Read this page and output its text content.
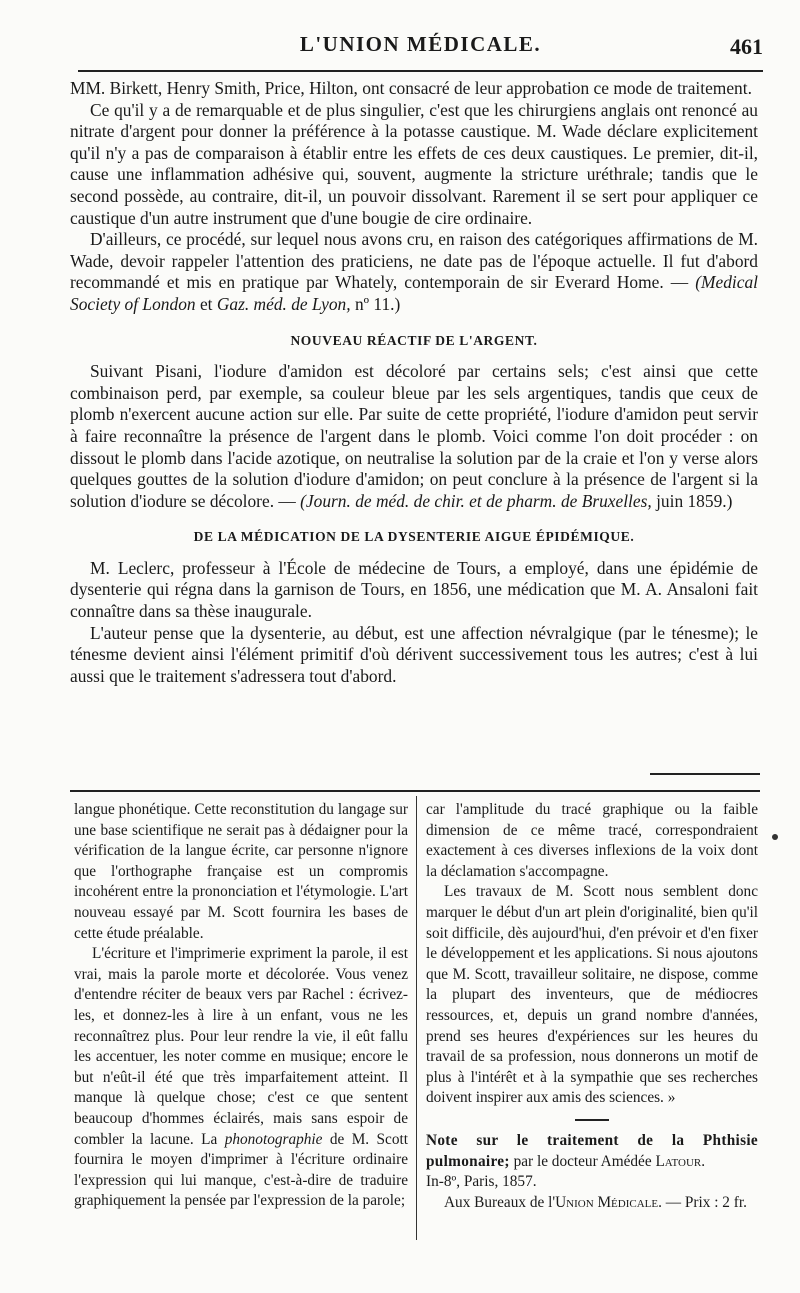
L'UNION MÉDICALE.	461

MM. Birkett, Henry Smith, Price, Hilton, ont consacré de leur approbation ce mode de traitement.

Ce qu'il y a de remarquable et de plus singulier, c'est que les chirurgiens anglais ont renoncé au nitrate d'argent pour donner la préférence à la potasse caustique. M. Wade déclare explicitement qu'il n'y a pas de comparaison à établir entre les effets de ces deux caustiques. Le premier, dit-il, cause une inflammation adhésive qui, souvent, augmente la stricture uréthrale; tandis que le second possède, au contraire, dit-il, un pouvoir dissolvant. Rarement il se sert pour appliquer ce caustique d'un autre instrument que d'une bougie de cire ordinaire.

D'ailleurs, ce procédé, sur lequel nous avons cru, en raison des catégoriques affirmations de M. Wade, devoir rappeler l'attention des praticiens, ne date pas de l'époque actuelle. Il fut d'abord recommandé et mis en pratique par Whately, contemporain de sir Everard Home. — (Medical Society of London et Gaz. méd. de Lyon, nº 11.)

NOUVEAU RÉACTIF DE L'ARGENT.

Suivant Pisani, l'iodure d'amidon est décoloré par certains sels; c'est ainsi que cette combinaison perd, par exemple, sa couleur bleue par les sels argentiques, tandis que ceux de plomb n'exercent aucune action sur elle. Par suite de cette propriété, l'iodure d'amidon peut servir à faire reconnaître la présence de l'argent dans le plomb. Voici comme l'on doit procéder : on dissout le plomb dans l'acide azotique, on neutralise la solution par de la craie et l'on y verse alors quelques gouttes de la solution d'iodure d'amidon; on peut conclure à la présence de l'argent si la solution d'iodure se décolore. — (Journ. de méd. de chir. et de pharm. de Bruxelles, juin 1859.)

DE LA MÉDICATION DE LA DYSENTERIE AIGUE ÉPIDÉMIQUE.

M. Leclerc, professeur à l'École de médecine de Tours, a employé, dans une épidémie de dysenterie qui régna dans la garnison de Tours, en 1856, une médication que M. A. Ansaloni fait connaître dans sa thèse inaugurale.

L'auteur pense que la dysenterie, au début, est une affection névralgique (par le ténesme); le ténesme devient ainsi l'élément primitif d'où dérivent successivement tous les autres; c'est à lui aussi que le traitement s'adressera tout d'abord.

langue phonétique. Cette reconstitution du langage sur une base scientifique ne serait pas à dédaigner pour la vérification de la langue écrite, car personne n'ignore que l'orthographe française est un compromis incohérent entre la prononciation et l'étymologie. L'art nouveau essayé par M. Scott fournira les bases de cette étude préalable.

L'écriture et l'imprimerie expriment la parole, il est vrai, mais la parole morte et décolorée. Vous venez d'entendre réciter de beaux vers par Rachel : écrivez-les, et donnez-les à lire à un enfant, vous ne les reconnaîtrez plus. Pour leur rendre la vie, il eût fallu les accentuer, les noter comme en musique; encore le but n'eût-il été que très imparfaitement atteint. Il manque là quelque chose; c'est ce que sentent beaucoup d'hommes éclairés, mais sans espoir de combler la lacune. La phonotographie de M. Scott fournira le moyen d'imprimer à l'écriture ordinaire l'expression qui lui manque, c'est-à-dire de traduire graphiquement la pensée par l'expression de la parole;

car l'amplitude du tracé graphique ou la faible dimension de ce même tracé, correspondraient exactement à ces diverses inflexions de la voix dont la déclamation s'accompagne.

Les travaux de M. Scott nous semblent donc marquer le début d'un art plein d'originalité, bien qu'il soit difficile, dès aujourd'hui, d'en prévoir et d'en fixer le développement et les applications. Si nous ajoutons que M. Scott, travailleur solitaire, ne dispose, comme la plupart des inventeurs, que de médiocres ressources, et, depuis un grand nombre d'années, prend ses heures d'expériences sur les heures du travail de sa profession, nous donnerons un motif de plus à l'intérêt et à la sympathie que ses recherches doivent inspirer aux amis des sciences. »

Note sur le traitement de la Phthisie pulmonaire; par le docteur Amédée Latour.

In-8º, Paris, 1857.

Aux Bureaux de l'Union Médicale. — Prix : 2 fr.
